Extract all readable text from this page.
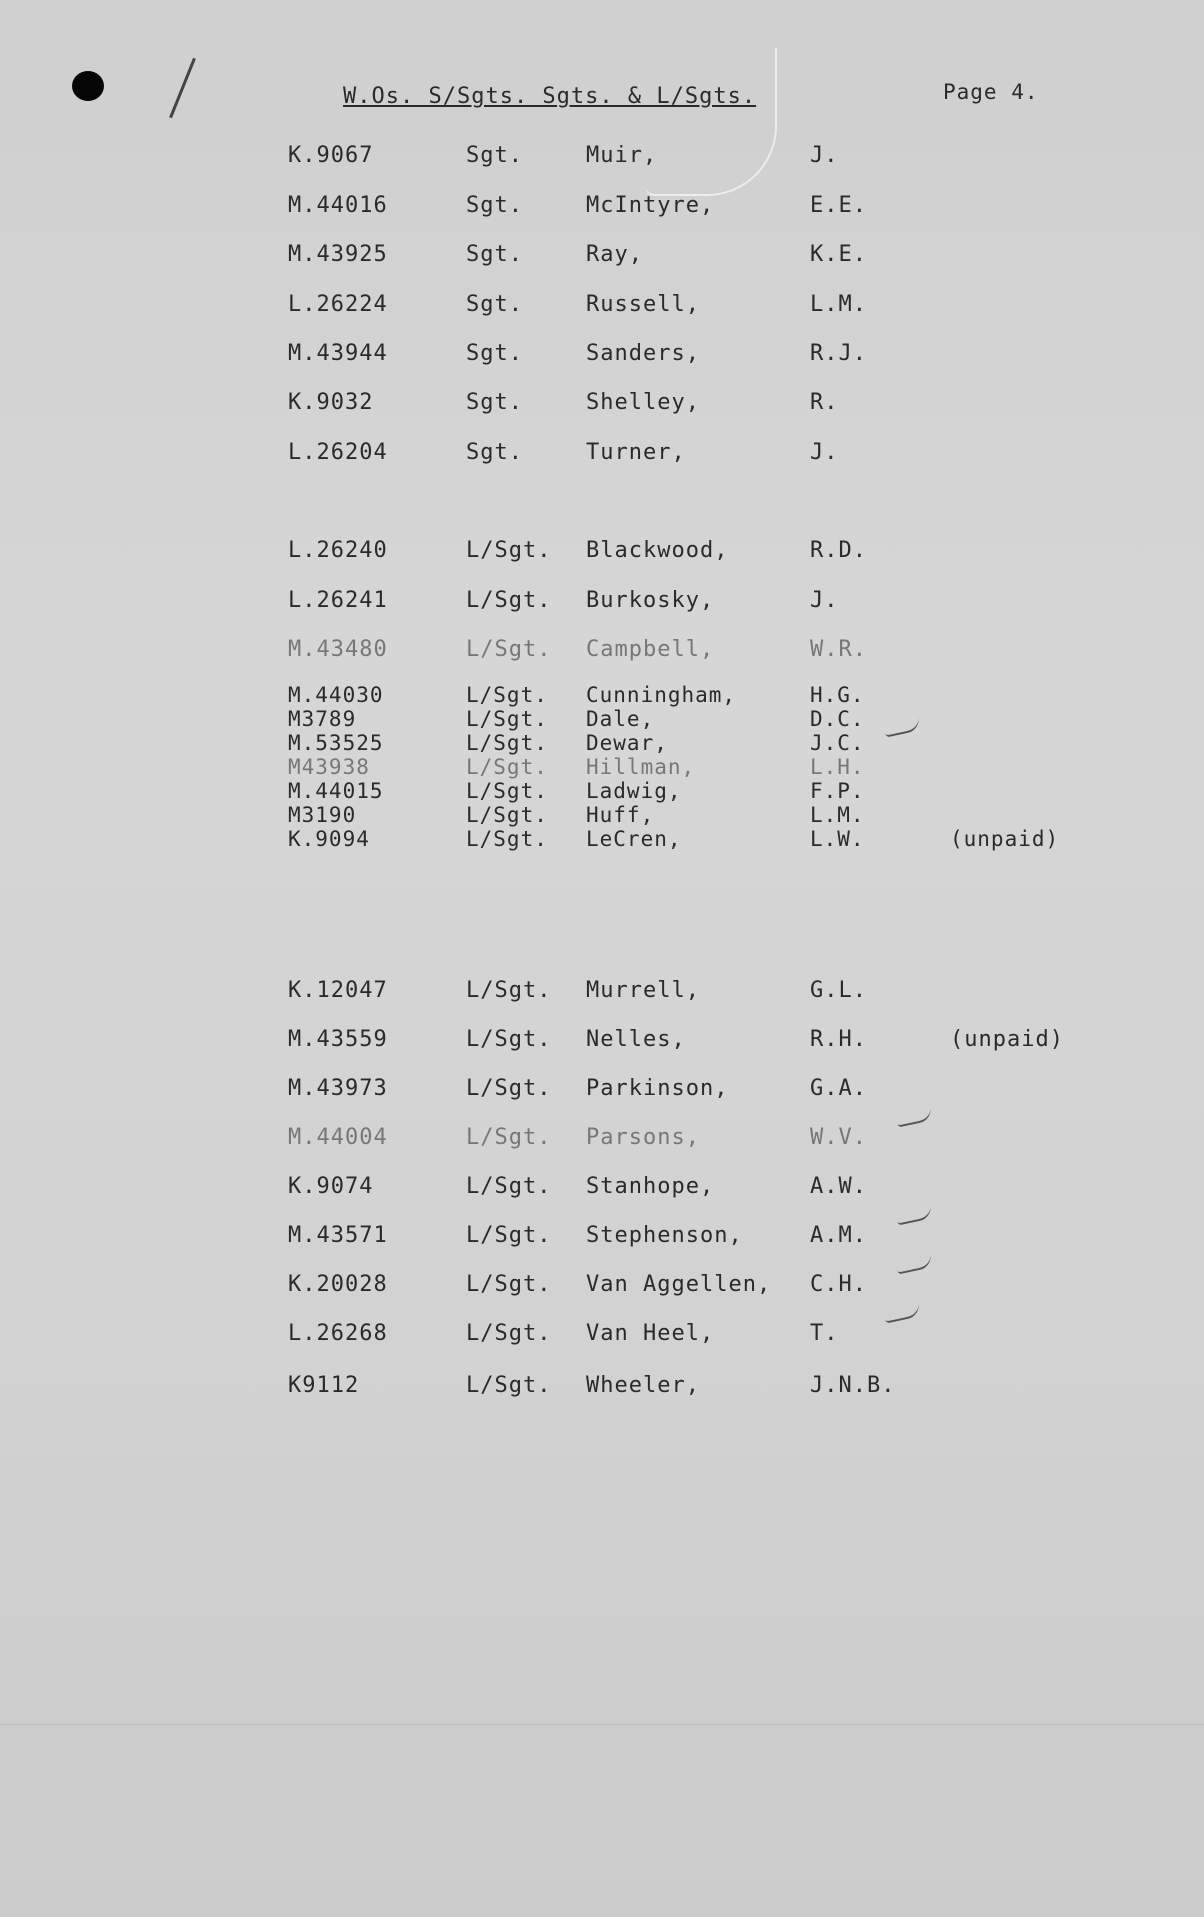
W.Os. S/Sgts. Sgts. & L/Sgts.	Page 4.
K.9067	Sgt.	Muir,	J.
M.44016	Sgt.	McIntyre,	E.E.
M.43925	Sgt.	Ray,	K.E.
L.26224	Sgt.	Russell,	L.M.
M.43944	Sgt.	Sanders,	R.J.
K.9032	Sgt.	Shelley,	R.
L.26204	Sgt.	Turner,	J.
L.26240	L/Sgt. Blackwood,	R.D.
L.26241	L/Sgt. Burkosky,	J.
M.43480	L/Sgt. Campbell,	W.R.
M.44030	L/Sgt. Cunningham,	H.G.
M3789	L/Sgt. Dale,	D.C.
M.53525	L/Sgt. Dewar,	J.C.
M43938	L/Sgt. Hillman,	L.H.
M.44015	L/Sgt. Ladwig,	F.P.
M3190	L/Sgt. Huff,	L.M.
K.9094	L/Sgt. LeCren,	L.W.	(unpaid)
K.12047	L/Sgt. Murrell,	G.L.
M.43559	L/Sgt. Nelles,	R.H.	(unpaid)
M.43973	L/Sgt. Parkinson,	G.A.
M.44004	L/Sgt. Parsons,	W.V.
K.9074	L/Sgt. Stanhope,	A.W.
M.43571	L/Sgt. Stephenson,	A.M.
K.20028	L/Sgt. Van Aggellen, C.H.
L.26268	L/Sgt. Van Heel,	T.
K9112	L/Sgt. Wheeler,	J.N.B.
